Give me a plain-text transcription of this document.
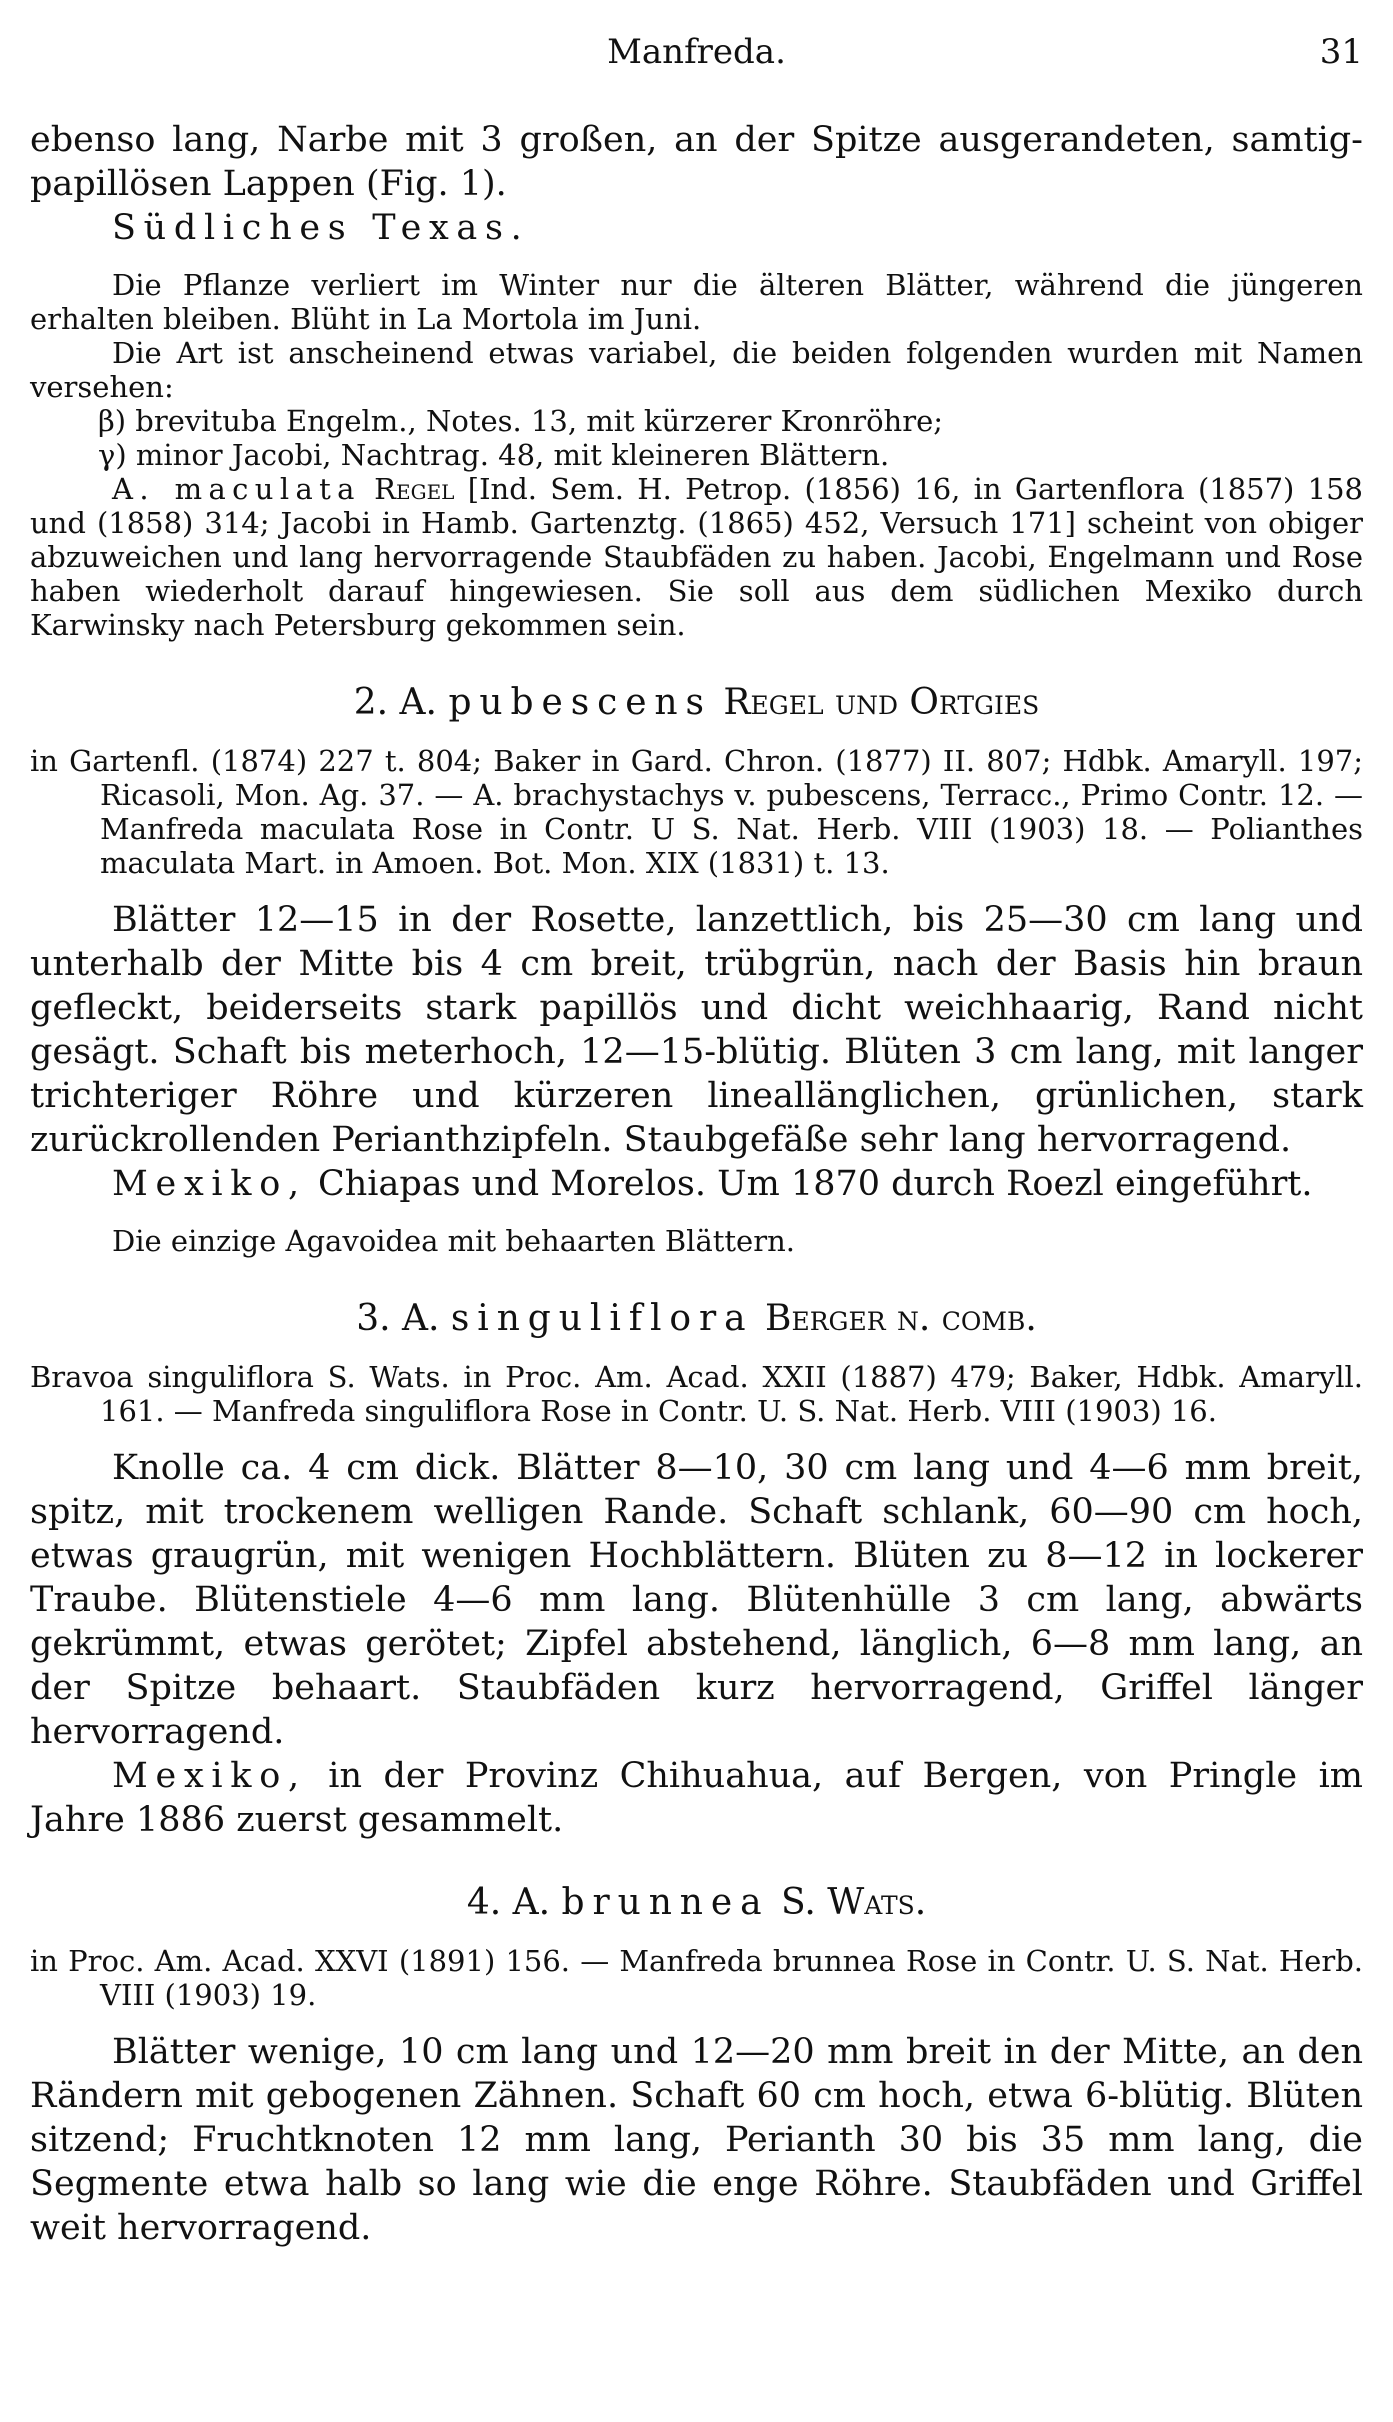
Manfreda.	31

ebenso lang, Narbe mit 3 großen, an der Spitze ausgerandeten, samtig-papillösen Lappen (Fig. 1).

Südliches Texas.

Die Pflanze verliert im Winter nur die älteren Blätter, während die jüngeren erhalten bleiben. Blüht in La Mortola im Juni.

Die Art ist anscheinend etwas variabel, die beiden folgenden wurden mit Namen versehen:

β) brevituba Engelm., Notes. 13, mit kürzerer Kronröhre;

γ) minor Jacobi, Nachtrag. 48, mit kleineren Blättern.

A. maculata Regel [Ind. Sem. H. Petrop. (1856) 16, in Gartenflora (1857) 158 und (1858) 314; Jacobi in Hamb. Gartenztg. (1865) 452, Versuch 171] scheint von obiger abzuweichen und lang hervorragende Staubfäden zu haben. Jacobi, Engelmann und Rose haben wiederholt darauf hingewiesen. Sie soll aus dem südlichen Mexiko durch Karwinsky nach Petersburg gekommen sein.

2. A. pubescens Regel und Ortgies

in Gartenfl. (1874) 227 t. 804; Baker in Gard. Chron. (1877) II. 807; Hdbk. Amaryll. 197; Ricasoli, Mon. Ag. 37. — A. brachystachys v. pubescens, Terracc., Primo Contr. 12. — Manfreda maculata Rose in Contr. U S. Nat. Herb. VIII (1903) 18. — Polianthes maculata Mart. in Amoen. Bot. Mon. XIX (1831) t. 13.

Blätter 12—15 in der Rosette, lanzettlich, bis 25—30 cm lang und unterhalb der Mitte bis 4 cm breit, trübgrün, nach der Basis hin braun gefleckt, beiderseits stark papillös und dicht weichhaarig, Rand nicht gesägt. Schaft bis meterhoch, 12—15-blütig. Blüten 3 cm lang, mit langer trichteriger Röhre und kürzeren lineallänglichen, grünlichen, stark zurückrollenden Perianthzipfeln. Staubgefäße sehr lang hervorragend.

Mexiko, Chiapas und Morelos. Um 1870 durch Roezl eingeführt.

Die einzige Agavoidea mit behaarten Blättern.

3. A. singuliflora Berger n. comb.

Bravoa singuliflora S. Wats. in Proc. Am. Acad. XXII (1887) 479; Baker, Hdbk. Amaryll. 161. — Manfreda singuliflora Rose in Contr. U. S. Nat. Herb. VIII (1903) 16.

Knolle ca. 4 cm dick. Blätter 8—10, 30 cm lang und 4—6 mm breit, spitz, mit trockenem welligen Rande. Schaft schlank, 60—90 cm hoch, etwas graugrün, mit wenigen Hochblättern. Blüten zu 8—12 in lockerer Traube. Blütenstiele 4—6 mm lang. Blütenhülle 3 cm lang, abwärts gekrümmt, etwas gerötet; Zipfel abstehend, länglich, 6—8 mm lang, an der Spitze behaart. Staubfäden kurz hervorragend, Griffel länger hervorragend.

Mexiko, in der Provinz Chihuahua, auf Bergen, von Pringle im Jahre 1886 zuerst gesammelt.

4. A. brunnea S. Wats.

in Proc. Am. Acad. XXVI (1891) 156. — Manfreda brunnea Rose in Contr. U. S. Nat. Herb. VIII (1903) 19.

Blätter wenige, 10 cm lang und 12—20 mm breit in der Mitte, an den Rändern mit gebogenen Zähnen. Schaft 60 cm hoch, etwa 6-blütig. Blüten sitzend; Fruchtknoten 12 mm lang, Perianth 30 bis 35 mm lang, die Segmente etwa halb so lang wie die enge Röhre. Staubfäden und Griffel weit hervorragend.
